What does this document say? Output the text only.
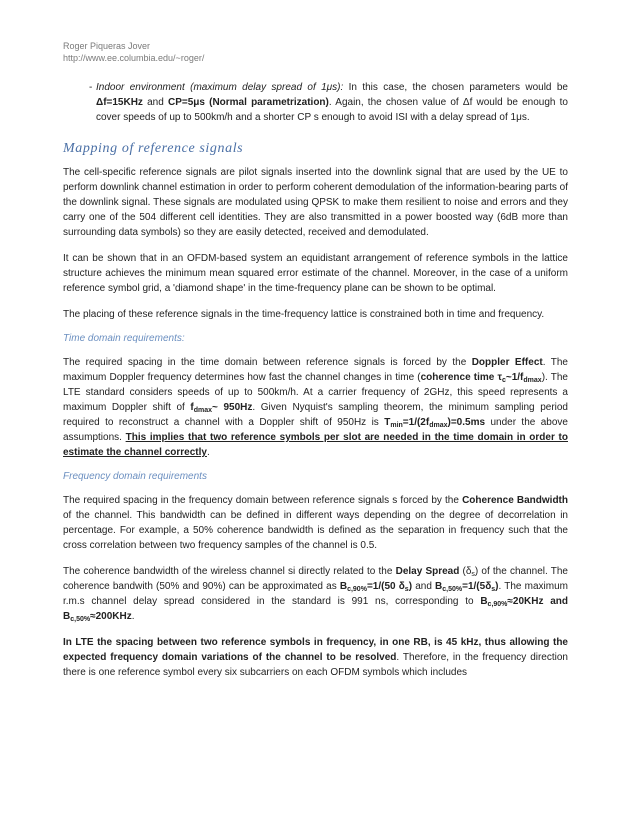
Roger Piqueras Jover
http://www.ee.columbia.edu/~roger/

- Indoor environment (maximum delay spread of 1μs): In this case, the chosen parameters would be Δf=15KHz and CP=5μs (Normal parametrization). Again, the chosen value of Δf would be enough to cover speeds of up to 500km/h and a shorter CP s enough to avoid ISI with a delay spread of 1μs.

Mapping of reference signals

The cell-specific reference signals are pilot signals inserted into the downlink signal that are used by the UE to perform downlink channel estimation in order to perform coherent demodulation of the information-bearing parts of the downlink signal. These signals are modulated using QPSK to make them resilient to noise and errors and they carry one of the 504 different cell identities. They are also transmitted in a power boosted way (6dB more than surrounding data symbols) so they are easily detected, received and demodulated.

It can be shown that in an OFDM-based system an equidistant arrangement of reference symbols in the lattice structure achieves the minimum mean squared error estimate of the channel. Moreover, in the case of a uniform reference symbol grid, a 'diamond shape' in the time-frequency plane can be shown to be optimal.

The placing of these reference signals in the time-frequency lattice is constrained both in time and frequency.

Time domain requirements:

The required spacing in the time domain between reference signals is forced by the Doppler Effect. The maximum Doppler frequency determines how fast the channel changes in time (coherence time $\tau_c\sim 1/f_{dmax}$). The LTE standard considers speeds of up to 500km/h. At a carrier frequency of 2GHz, this speed represents a maximum Doppler shift of $f_{dmax}\sim$ 950Hz. Given Nyquist's sampling theorem, the minimum sampling period required to reconstruct a channel with a Doppler shift of 950Hz is $T_{min}=1/(2f_{dmax})=0.5ms$ under the above assumptions. This implies that two reference symbols per slot are needed in the time domain in order to estimate the channel correctly.

Frequency domain requirements

The required spacing in the frequency domain between reference signals s forced by the Coherence Bandwidth of the channel. This bandwidth can be defined in different ways depending on the degree of decorrelation in percentage. For example, a 50% coherence bandwidth is defined as the separation in frequency such that the cross correlation between two frequency samples of the channel is 0.5.

The coherence bandwidth of the wireless channel si directly related to the Delay Spread $(\delta_s)$ of the channel. The coherence bandwith (50% and 90%) can be approximated as $B_{c,90\%}=1/(50$ $\delta_s$) and $B_{c,50\%}=1/(5\delta_s)$. The maximum r.m.s channel delay spread considered in the standard is 991 ns, corresponding to $B_{c,90\%}\approx 20KHz$ and $B_{c,50\%}\approx 200KHz$.

In LTE the spacing between two reference symbols in frequency, in one RB, is 45 kHz, thus allowing the expected frequency domain variations of the channel to be resolved. Therefore, in the frequency direction there is one reference symbol every six subcarriers on each OFDM symbols which includes
